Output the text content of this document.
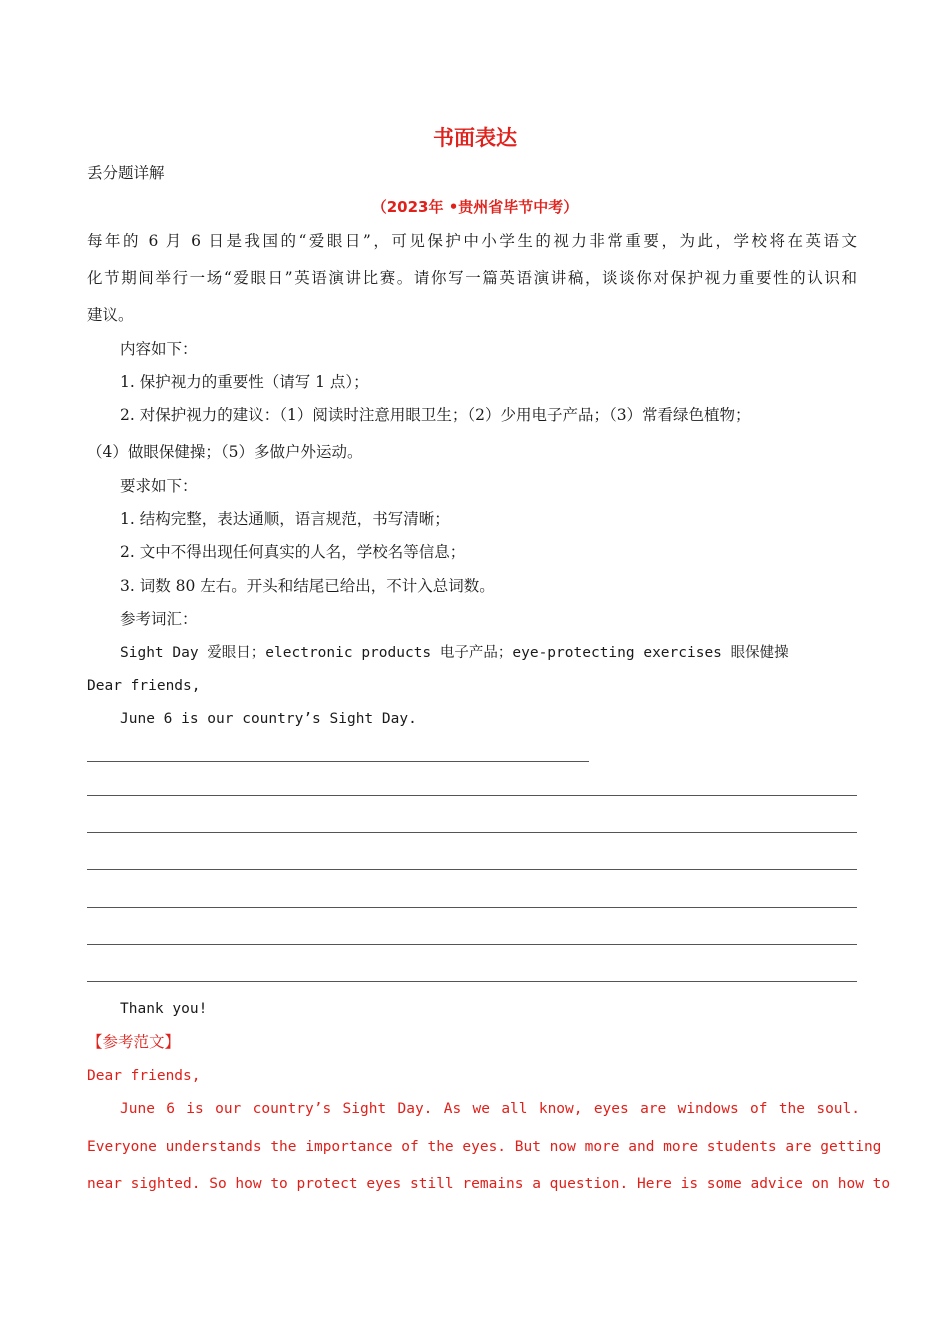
书面表达
丢分题详解
（2023年 •贵州省毕节中考）
每年的 6 月 6 日是我国的“爱眼日”，可见保护中小学生的视力非常重要，为此，学校将在英语文
化节期间举行一场“爱眼日”英语演讲比赛。请你写一篇英语演讲稿，谈谈你对保护视力重要性的认识和
建议。
内容如下：
1. 保护视力的重要性（请写 1 点）；
2. 对保护视力的建议：（1）阅读时注意用眼卫生；（2）少用电子产品；（3）常看绿色植物；
（4）做眼保健操；（5）多做户外运动。
要求如下：
1. 结构完整，表达通顺，语言规范，书写清晰；
2. 文中不得出现任何真实的人名，学校名等信息；
3. 词数 80 左右。开头和结尾已给出，不计入总词数。
参考词汇：
Sight Day 爱眼日；electronic products 电子产品；eye-protecting exercises 眼保健操
Dear friends,
June 6 is our country’s Sight Day.
Thank you!
【参考范文】
Dear friends,
June 6 is our country’s Sight Day. As we all know, eyes are windows of the soul.
Everyone understands the importance of the eyes. But now more and more students are getting
near sighted. So how to protect eyes still remains a question. Here is some advice on how to
